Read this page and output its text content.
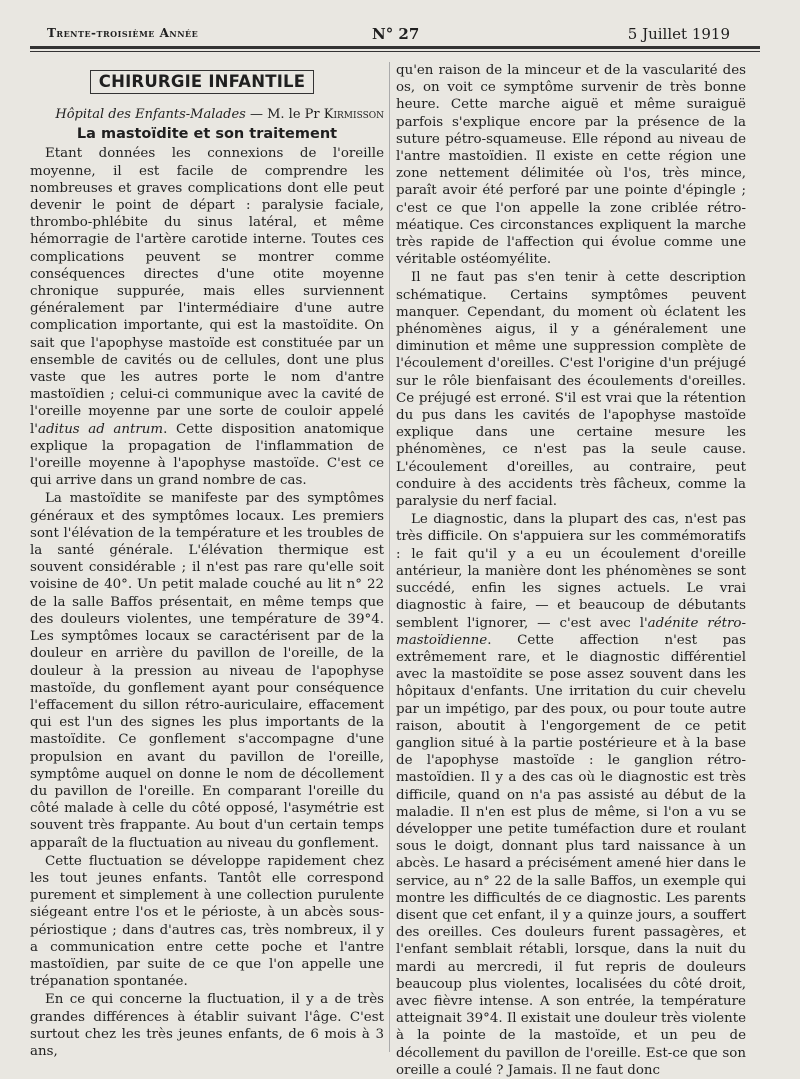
Trente-troisième Année	N° 27	5 Juillet 1919
CHIRURGIE INFANTILE
Hôpital des Enfants-Malades — M. le Pr Kirmisson
La mastoïdite et son traitement

Etant données les connexions de l'oreille moyenne, il est facile de comprendre les nombreuses et graves complications dont elle peut devenir le point de départ : paralysie faciale, thrombo-phlébite du sinus latéral, et même hémorragie de l'artère carotide interne. Toutes ces complications peuvent se montrer comme conséquences directes d'une otite moyenne chronique suppurée, mais elles surviennent généralement par l'intermédiaire d'une autre complication importante, qui est la mastoïdite. On sait que l'apophyse mastoïde est constituée par un ensemble de cavités ou de cellules, dont une plus vaste que les autres porte le nom d'antre mastoïdien ; celui-ci communique avec la cavité de l'oreille moyenne par une sorte de couloir appelé l'aditus ad antrum. Cette disposition anatomique explique la propagation de l'inflammation de l'oreille moyenne à l'apophyse mastoïde. C'est ce qui arrive dans un grand nombre de cas.

La mastoïdite se manifeste par des symptômes généraux et des symptômes locaux. Les premiers sont l'élévation de la température et les troubles de la santé générale. L'élévation thermique est souvent considérable ; il n'est pas rare qu'elle soit voisine de 40°. Un petit malade couché au lit n° 22 de la salle Baffos présentait, en même temps que des douleurs violentes, une température de 39°4. Les symptômes locaux se caractérisent par de la douleur en arrière du pavillon de l'oreille, de la douleur à la pression au niveau de l'apophyse mastoïde, du gonflement ayant pour conséquence l'effacement du sillon rétro-auriculaire, effacement qui est l'un des signes les plus importants de la mastoïdite. Ce gonflement s'accompagne d'une propulsion en avant du pavillon de l'oreille, symptôme auquel on donne le nom de décollement du pavillon de l'oreille. En comparant l'oreille du côté malade à celle du côté opposé, l'asymétrie est souvent très frappante. Au bout d'un certain temps apparaît de la fluctuation au niveau du gonflement.

Cette fluctuation se développe rapidement chez les tout jeunes enfants. Tantôt elle correspond purement et simplement à une collection purulente siégeant entre l'os et le périoste, à un abcès sous-périostique ; dans d'autres cas, très nombreux, il y a communication entre cette poche et l'antre mastoïdien, par suite de ce que l'on appelle une trépanation spontanée.

En ce qui concerne la fluctuation, il y a de très grandes différences à établir suivant l'âge. C'est surtout chez les très jeunes enfants, de 6 mois à 3 ans,

qu'en raison de la minceur et de la vascularité des os, on voit ce symptôme survenir de très bonne heure. Cette marche aiguë et même suraiguë parfois s'explique encore par la présence de la suture pétro-squameuse. Elle répond au niveau de l'antre mastoïdien. Il existe en cette région une zone nettement délimitée où l'os, très mince, paraît avoir été perforé par une pointe d'épingle ; c'est ce que l'on appelle la zone criblée rétro-méatique. Ces circonstances expliquent la marche très rapide de l'affection qui évolue comme une véritable ostéomyélite.

Il ne faut pas s'en tenir à cette description schématique. Certains symptômes peuvent manquer. Cependant, du moment où éclatent les phénomènes aigus, il y a généralement une diminution et même une suppression complète de l'écoulement d'oreilles. C'est l'origine d'un préjugé sur le rôle bienfaisant des écoulements d'oreilles. Ce préjugé est erroné. S'il est vrai que la rétention du pus dans les cavités de l'apophyse mastoïde explique dans une certaine mesure les phénomènes, ce n'est pas la seule cause. L'écoulement d'oreilles, au contraire, peut conduire à des accidents très fâcheux, comme la paralysie du nerf facial.

Le diagnostic, dans la plupart des cas, n'est pas très difficile. On s'appuiera sur les commémoratifs : le fait qu'il y a eu un écoulement d'oreille antérieur, la manière dont les phénomènes se sont succédé, enfin les signes actuels. Le vrai diagnostic à faire, — et beaucoup de débutants semblent l'ignorer, — c'est avec l'adénite rétro-mastoïdienne. Cette affection n'est pas extrêmement rare, et le diagnostic différentiel avec la mastoïdite se pose assez souvent dans les hôpitaux d'enfants. Une irritation du cuir chevelu par un impétigo, par des poux, ou pour toute autre raison, aboutit à l'engorgement de ce petit ganglion situé à la partie postérieure et à la base de l'apophyse mastoïde : le ganglion rétro-mastoïdien. Il y a des cas où le diagnostic est très difficile, quand on n'a pas assisté au début de la maladie. Il n'en est plus de même, si l'on a vu se développer une petite tuméfaction dure et roulant sous le doigt, donnant plus tard naissance à un abcès. Le hasard a précisément amené hier dans le service, au n° 22 de la salle Baffos, un exemple qui montre les difficultés de ce diagnostic. Les parents disent que cet enfant, il y a quinze jours, a souffert des oreilles. Ces douleurs furent passagères, et l'enfant semblait rétabli, lorsque, dans la nuit du mardi au mercredi, il fut repris de douleurs beaucoup plus violentes, localisées du côté droit, avec fièvre intense. A son entrée, la température atteignait 39°4. Il existait une douleur très violente à la pointe de la mastoïde, et un peu de décollement du pavillon de l'oreille. Est-ce que son oreille a coulé ? Jamais. Il ne faut donc
